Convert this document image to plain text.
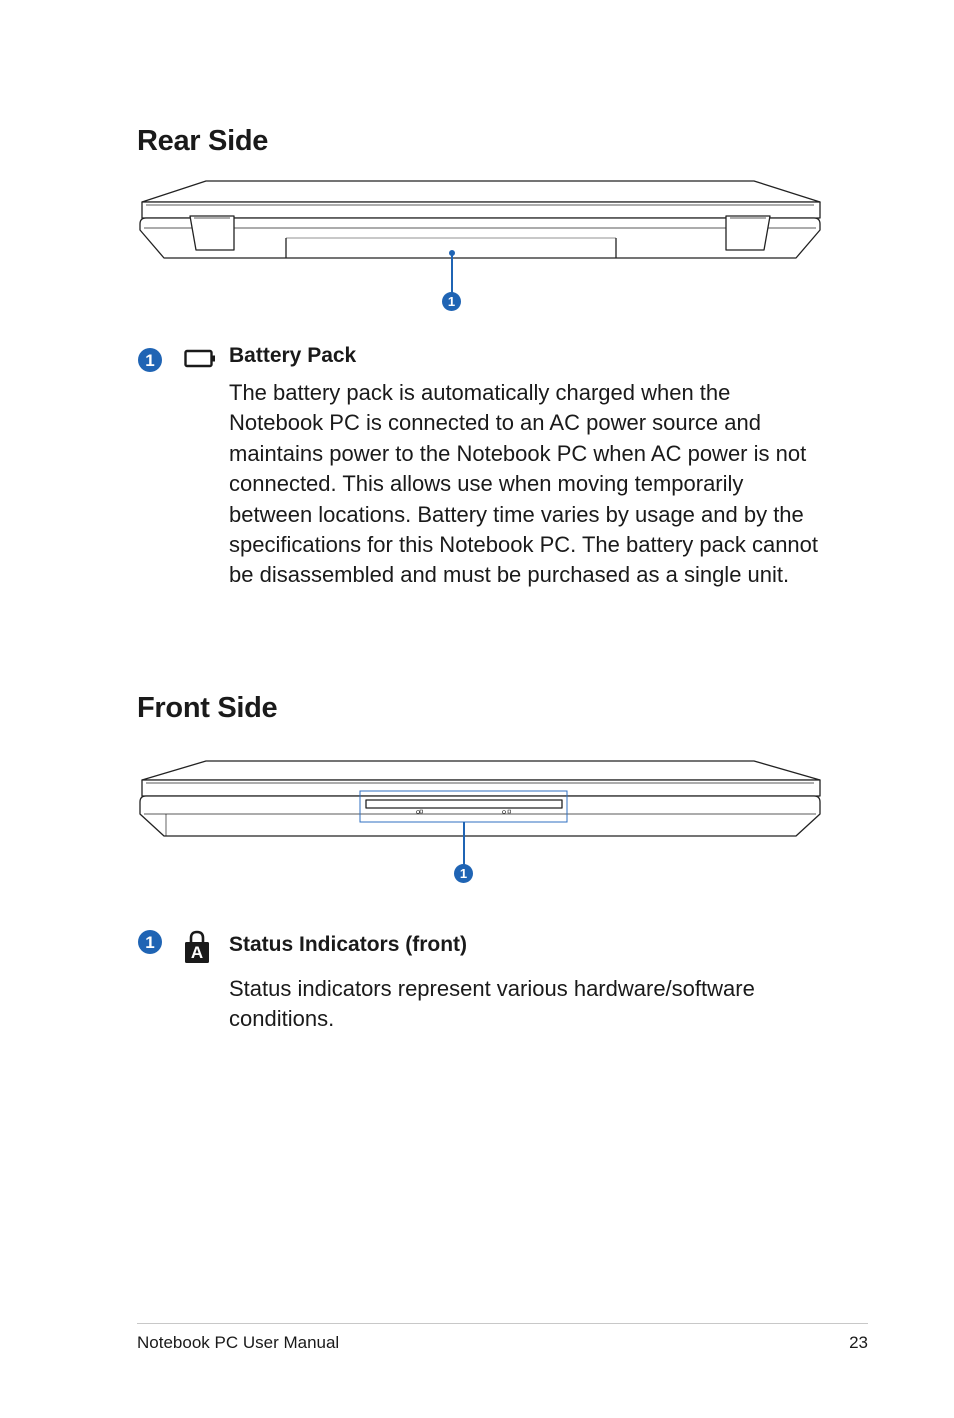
Rear Side
1
1	Battery Pack

The battery pack is automatically charged when the Notebook PC is connected to an AC power source and maintains power to the Notebook PC when AC power is not connected. This allows use when moving temporarily between locations. Battery time varies by usage and by the specifications for this Notebook PC. The battery pack cannot be disassembled and must be purchased as a single unit.

Front Side
1
1
A	Status Indicators (front)

Status indicators represent various hardware/software conditions.

Notebook PC User Manual	23
